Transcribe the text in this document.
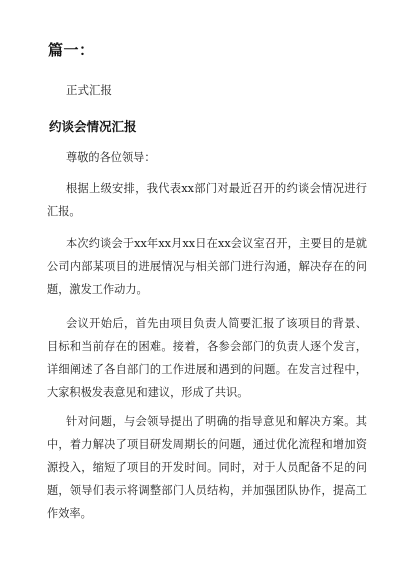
篇一：
正式汇报
约谈会情况汇报

尊敬的各位领导：

根据上级安排，我代表xx部门对最近召开的约谈会情况进行汇报。

本次约谈会于xx年xx月xx日在xx会议室召开，主要目的是就公司内部某项目的进展情况与相关部门进行沟通，解决存在的问题，激发工作动力。

会议开始后，首先由项目负责人简要汇报了该项目的背景、目标和当前存在的困难。接着，各参会部门的负责人逐个发言，详细阐述了各自部门的工作进展和遇到的问题。在发言过程中，大家积极发表意见和建议，形成了共识。

针对问题，与会领导提出了明确的指导意见和解决方案。其中，着力解决了项目研发周期长的问题，通过优化流程和增加资源投入，缩短了项目的开发时间。同时，对于人员配备不足的问题，领导们表示将调整部门人员结构，并加强团队协作，提高工作效率。
